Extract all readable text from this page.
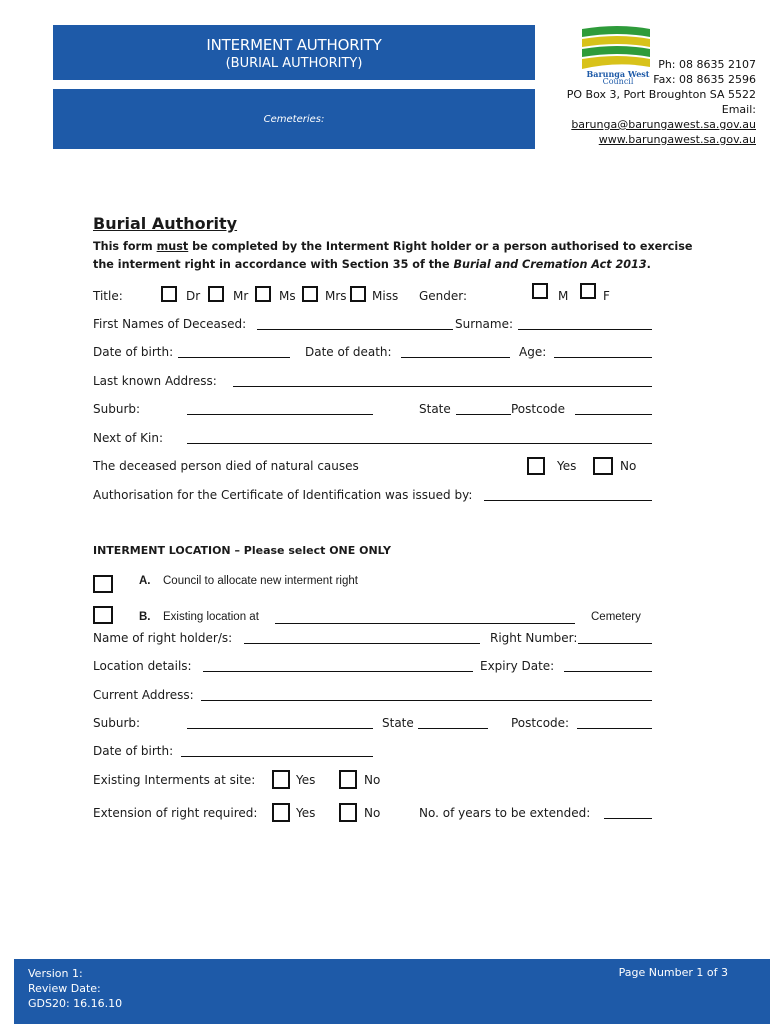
INTERMENT AUTHORITY
(BURIAL AUTHORITY)
Cemeteries:
Barunga West
Council
Ph: 08 8635 2107
Fax: 08 8635 2596
PO Box 3, Port Broughton SA 5522
Email:
barunga@barungawest.sa.gov.au
www.barungawest.sa.gov.au
Burial Authority
This form must be completed by the Interment Right holder or a person authorised to exercise the interment right in accordance with Section 35 of the Burial and Cremation Act 2013.
Title:	Dr	Mr	Ms Mrs Miss Gender:	M	F
First Names of Deceased:	Surname:
Date of birth:	Date of death:	Age:
Last known Address:
Suburb:	State	Postcode
Next of Kin:
The deceased person died of natural causes	Yes	No
Authorisation for the Certificate of Identification was issued by:
INTERMENT LOCATION – Please select ONE ONLY
A. Council to allocate new interment right
B. Existing location at	Cemetery
Name of right holder/s:	Right Number:
Location details:	Expiry Date:
Current Address:
Suburb:	State	Postcode:
Date of birth:
Existing Interments at site:	Yes	No
Extension of right required:	Yes	No	No. of years to be extended:
Version 1:
Review Date:
GDS20: 16.16.10
Page Number 1 of 3
